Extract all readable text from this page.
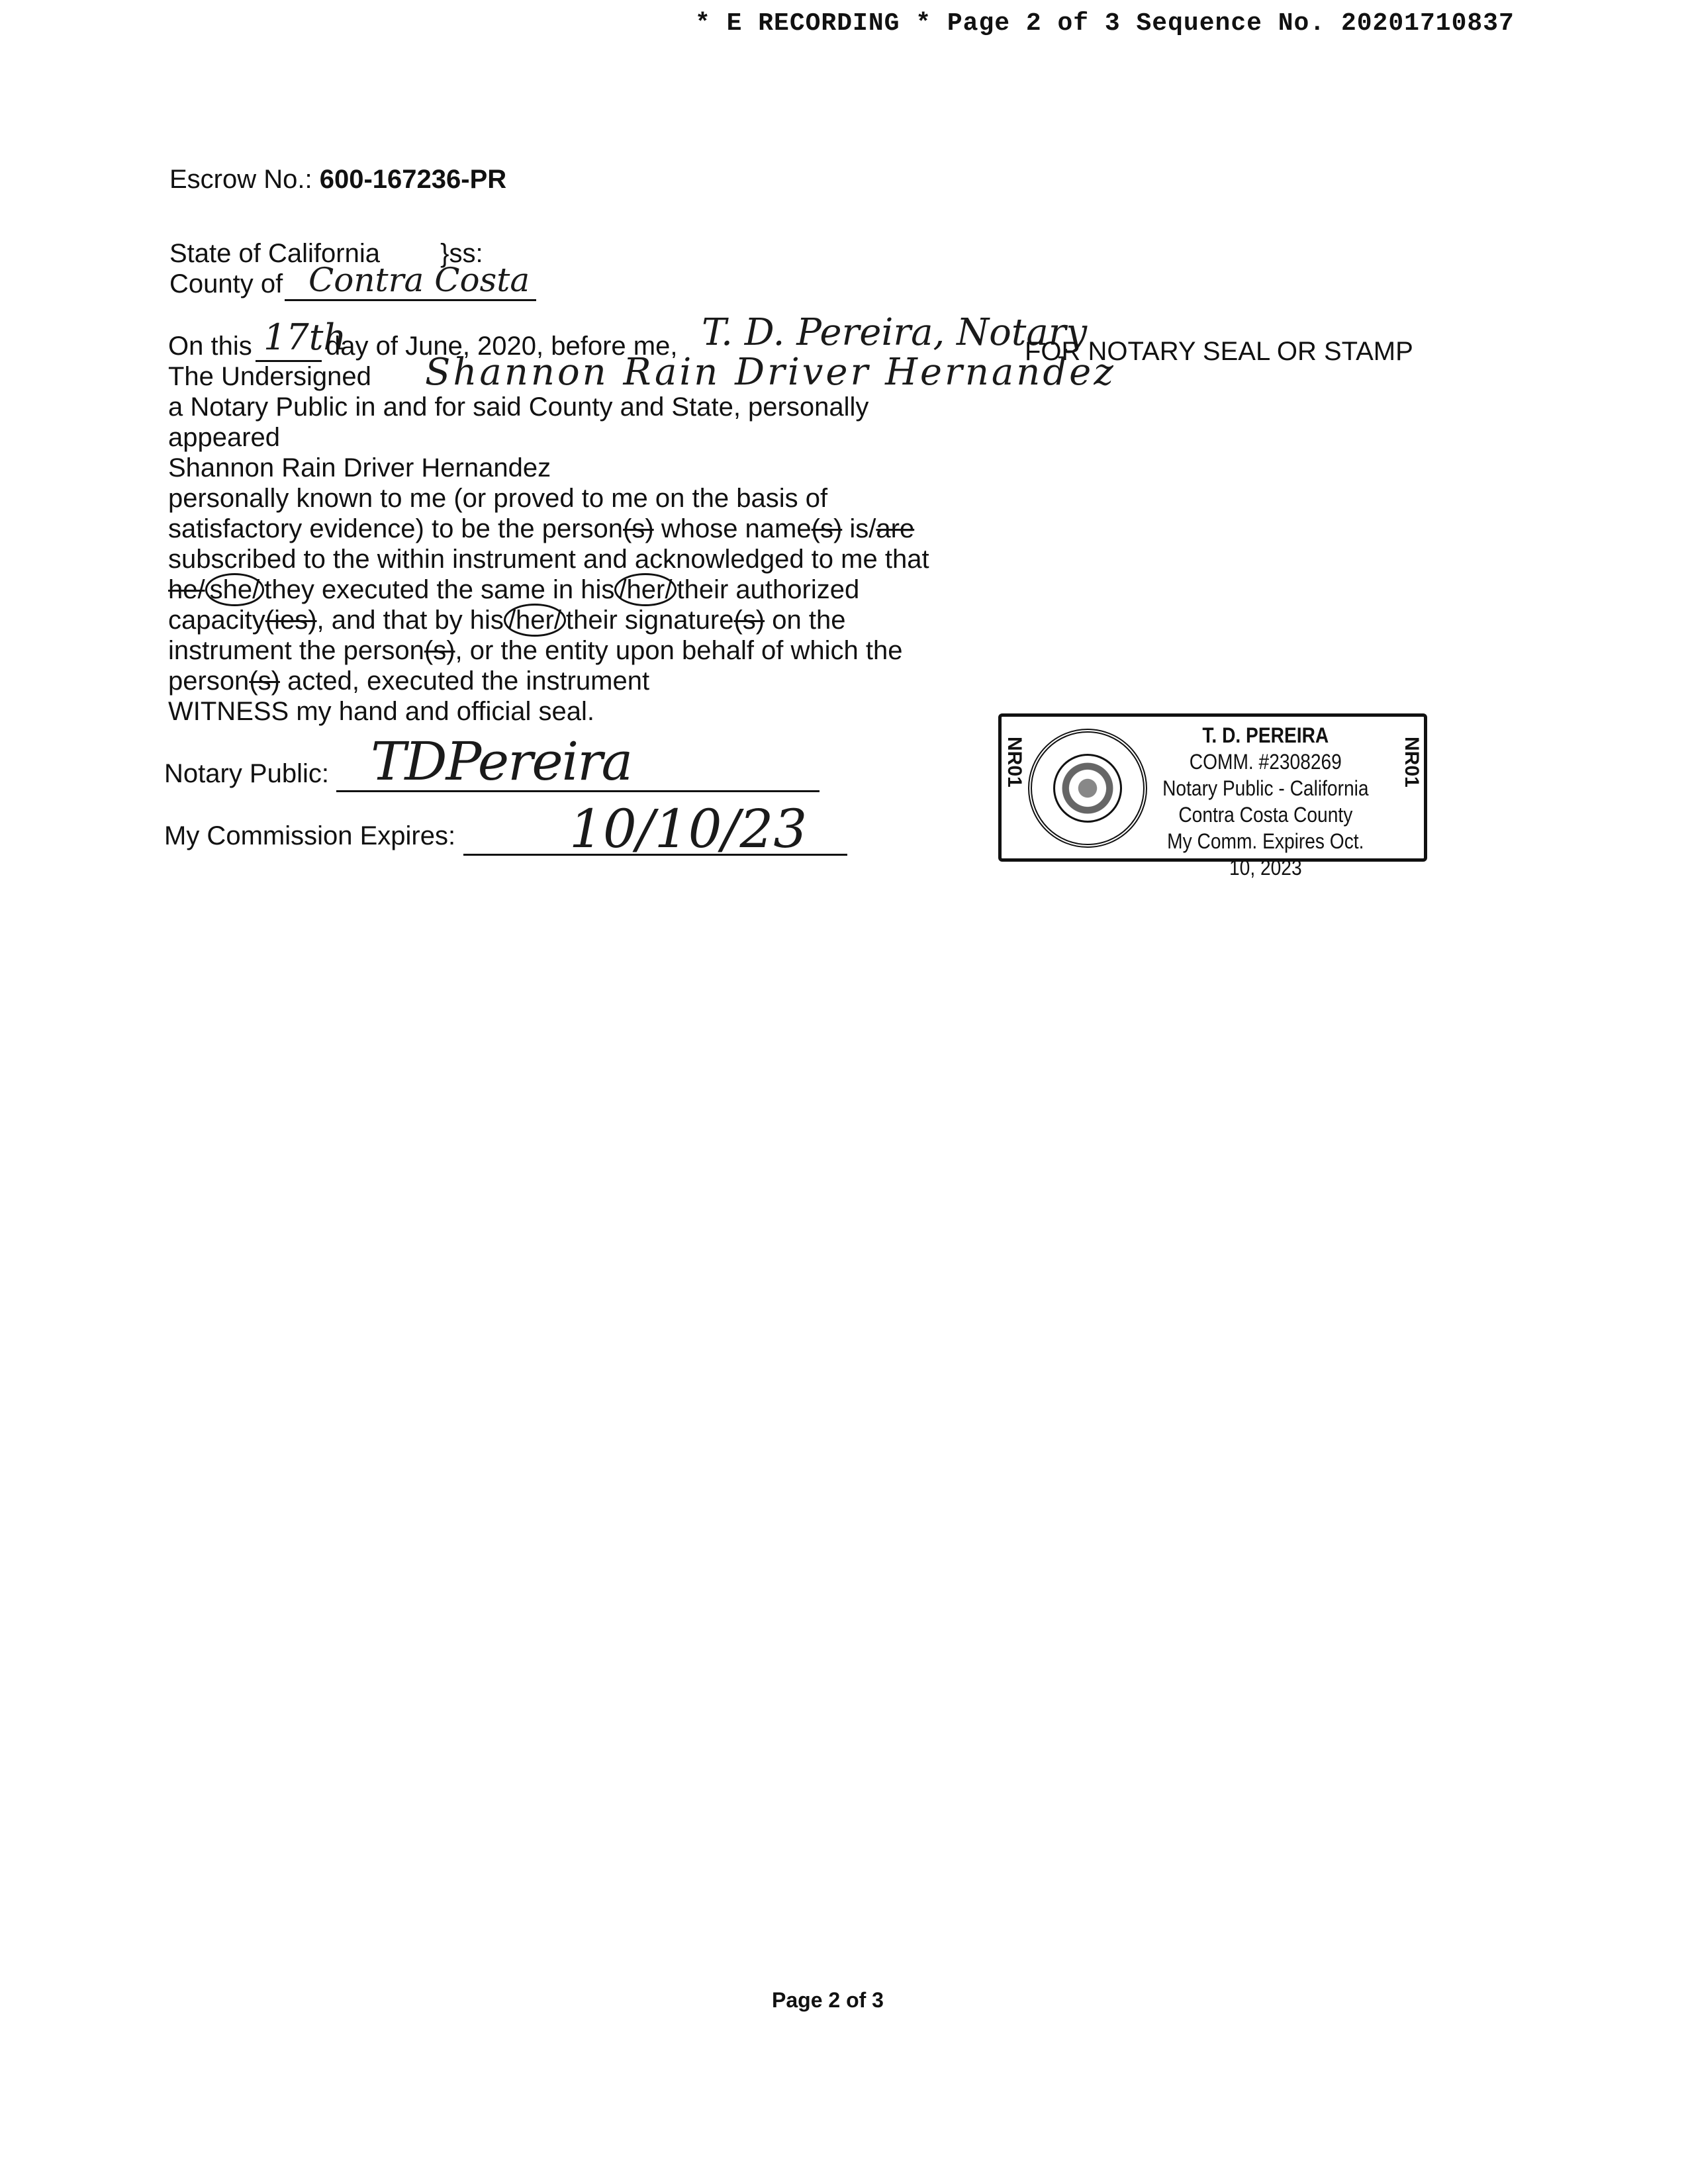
* E RECORDING * Page 2 of 3 Sequence No. 20201710837
Escrow No.: 600-167236-PR
State of California }ss:
County of Contra Costa
On this 17th
day of June, 2020, before me, T. D. Pereira, Notary
FOR NOTARY SEAL OR STAMP
The Undersigned Shannon Rain Driver Hernandez
a Notary Public in and for said County and State, personally
appeared
Shannon Rain Driver Hernandez
personally known to me (or proved to me on the basis of
satisfactory evidence) to be the person(s) whose name(s) is/are
subscribed to the within instrument and acknowledged to me that
he/ she/ they executed the same in his /her/ their authorized
capacity(ies), and that by his /her/ their signature(s) on the
instrument the person(s), or the entity upon behalf of which the
person(s) acted, executed the instrument
WITNESS my hand and official seal.
Notary Public: TDPereira
My Commission Expires: 10/10/23
NR01
T. D. PEREIRA
COMM. #2308269
Notary Public - California
Contra Costa County
My Comm. Expires Oct. 10, 2023
NR01
Page 2 of 3
